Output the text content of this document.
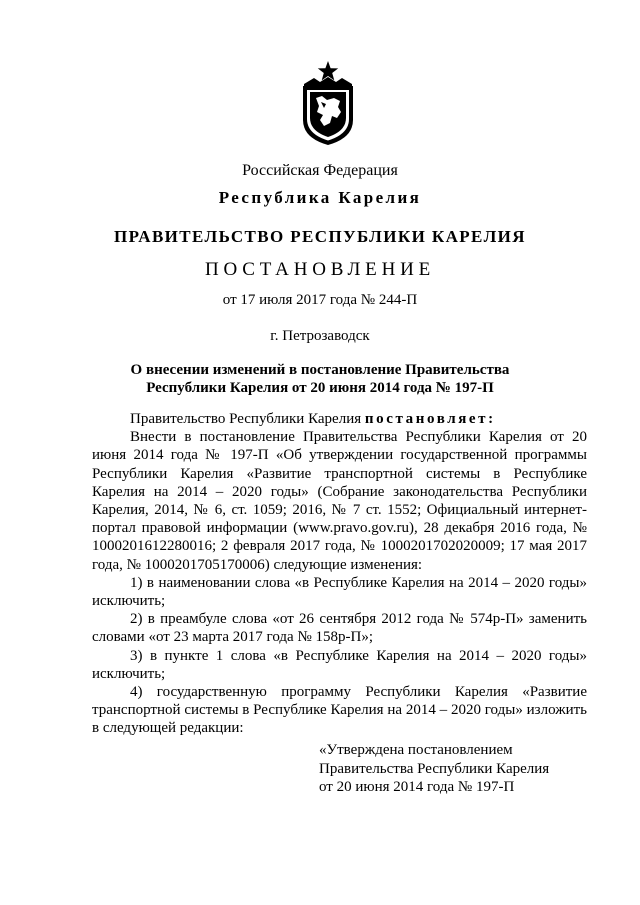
Российская Федерация
Республика Карелия
ПРАВИТЕЛЬСТВО РЕСПУБЛИКИ КАРЕЛИЯ
ПОСТАНОВЛЕНИЕ
от 17 июля 2017 года № 244-П
г. Петрозаводск
О внесении изменений в постановление Правительства
Республики Карелия от 20 июня 2014 года № 197-П

Правительство Республики Карелия постановляет:

Внести в постановление Правительства Республики Карелия от 20 июня 2014 года № 197-П «Об утверждении государственной программы Республики Карелия «Развитие транспортной системы в Республике Карелия на 2014 – 2020 годы» (Собрание законодательства Республики Карелия, 2014, № 6, ст. 1059; 2016, № 7 ст. 1552; Официальный интернет-портал правовой информации (www.pravo.gov.ru), 28 декабря 2016 года, № 1000201612280016; 2 февраля 2017 года, № 1000201702020009; 17 мая 2017 года, № 1000201705170006) следующие изменения:

1) в наименовании слова «в Республике Карелия на 2014 – 2020 годы» исключить;

2) в преамбуле слова «от 26 сентября 2012 года № 574р-П» заменить словами «от 23 марта 2017 года № 158р-П»;

3) в пункте 1 слова «в Республике Карелия на 2014 – 2020 годы» исключить;

4) государственную программу Республики Карелия «Развитие транспортной системы в Республике Карелия на 2014 – 2020 годы» изложить в следующей редакции:

«Утверждена постановлением
Правительства Республики Карелия
от 20 июня 2014 года № 197-П
